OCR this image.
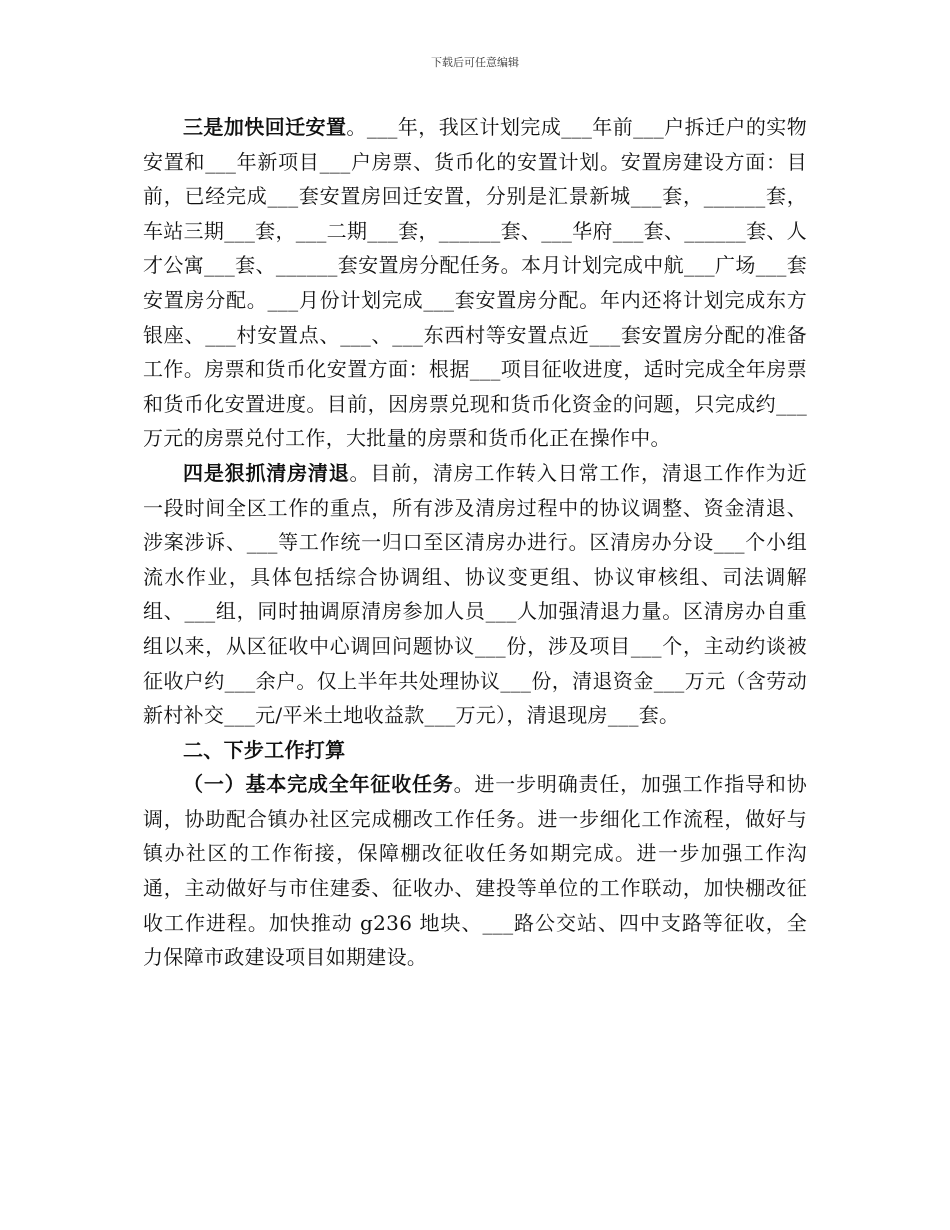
下载后可任意编辑

三是加快回迁安置。___年，我区计划完成___年前___户拆迁户的实物安置和___年新项目___户房票、货币化的安置计划。安置房建设方面：目前，已经完成___套安置房回迁安置，分别是汇景新城___套，______套，车站三期___套，___二期___套，______套、___华府___套、______套、人才公寓___套、______套安置房分配任务。本月计划完成中航___广场___套安置房分配。___月份计划完成___套安置房分配。年内还将计划完成东方银座、___村安置点、___、___东西村等安置点近___套安置房分配的准备工作。房票和货币化安置方面：根据___项目征收进度，适时完成全年房票和货币化安置进度。目前，因房票兑现和货币化资金的问题，只完成约___万元的房票兑付工作，大批量的房票和货币化正在操作中。

四是狠抓清房清退。目前，清房工作转入日常工作，清退工作作为近一段时间全区工作的重点，所有涉及清房过程中的协议调整、资金清退、涉案涉诉、___等工作统一归口至区清房办进行。区清房办分设___个小组流水作业，具体包括综合协调组、协议变更组、协议审核组、司法调解组、___组，同时抽调原清房参加人员___人加强清退力量。区清房办自重组以来，从区征收中心调回问题协议___份，涉及项目___个，主动约谈被征收户约___余户。仅上半年共处理协议___份，清退资金___万元（含劳动新村补交___元/平米土地收益款___万元），清退现房___套。

二、下步工作打算

（一）基本完成全年征收任务。进一步明确责任，加强工作指导和协调，协助配合镇办社区完成棚改工作任务。进一步细化工作流程，做好与镇办社区的工作衔接，保障棚改征收任务如期完成。进一步加强工作沟通，主动做好与市住建委、征收办、建投等单位的工作联动，加快棚改征收工作进程。加快推动 g236 地块、___路公交站、四中支路等征收，全力保障市政建设项目如期建设。
